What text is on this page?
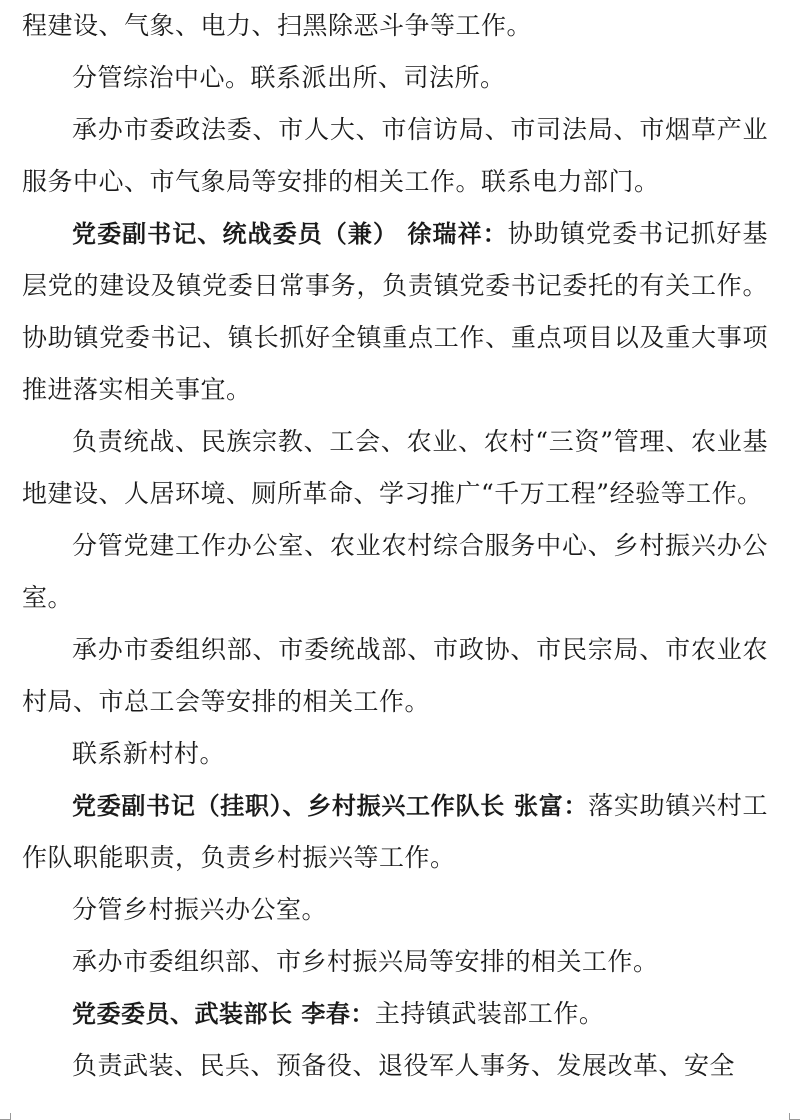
程建设、气象、电力、扫黑除恶斗争等工作。

分管综治中心。联系派出所、司法所。

承办市委政法委、市人大、市信访局、市司法局、市烟草产业服务中心、市气象局等安排的相关工作。联系电力部门。

党委副书记、统战委员（兼） 徐瑞祥：协助镇党委书记抓好基层党的建设及镇党委日常事务，负责镇党委书记委托的有关工作。协助镇党委书记、镇长抓好全镇重点工作、重点项目以及重大事项推进落实相关事宜。

负责统战、民族宗教、工会、农业、农村“三资”管理、农业基地建设、人居环境、厕所革命、学习推广“千万工程”经验等工作。

分管党建工作办公室、农业农村综合服务中心、乡村振兴办公室。

承办市委组织部、市委统战部、市政协、市民宗局、市农业农村局、市总工会等安排的相关工作。

联系新村村。

党委副书记（挂职）、乡村振兴工作队长 张富：落实助镇兴村工作队职能职责，负责乡村振兴等工作。

分管乡村振兴办公室。

承办市委组织部、市乡村振兴局等安排的相关工作。

党委委员、武装部长 李春：主持镇武装部工作。

负责武装、民兵、预备役、退役军人事务、发展改革、安全
